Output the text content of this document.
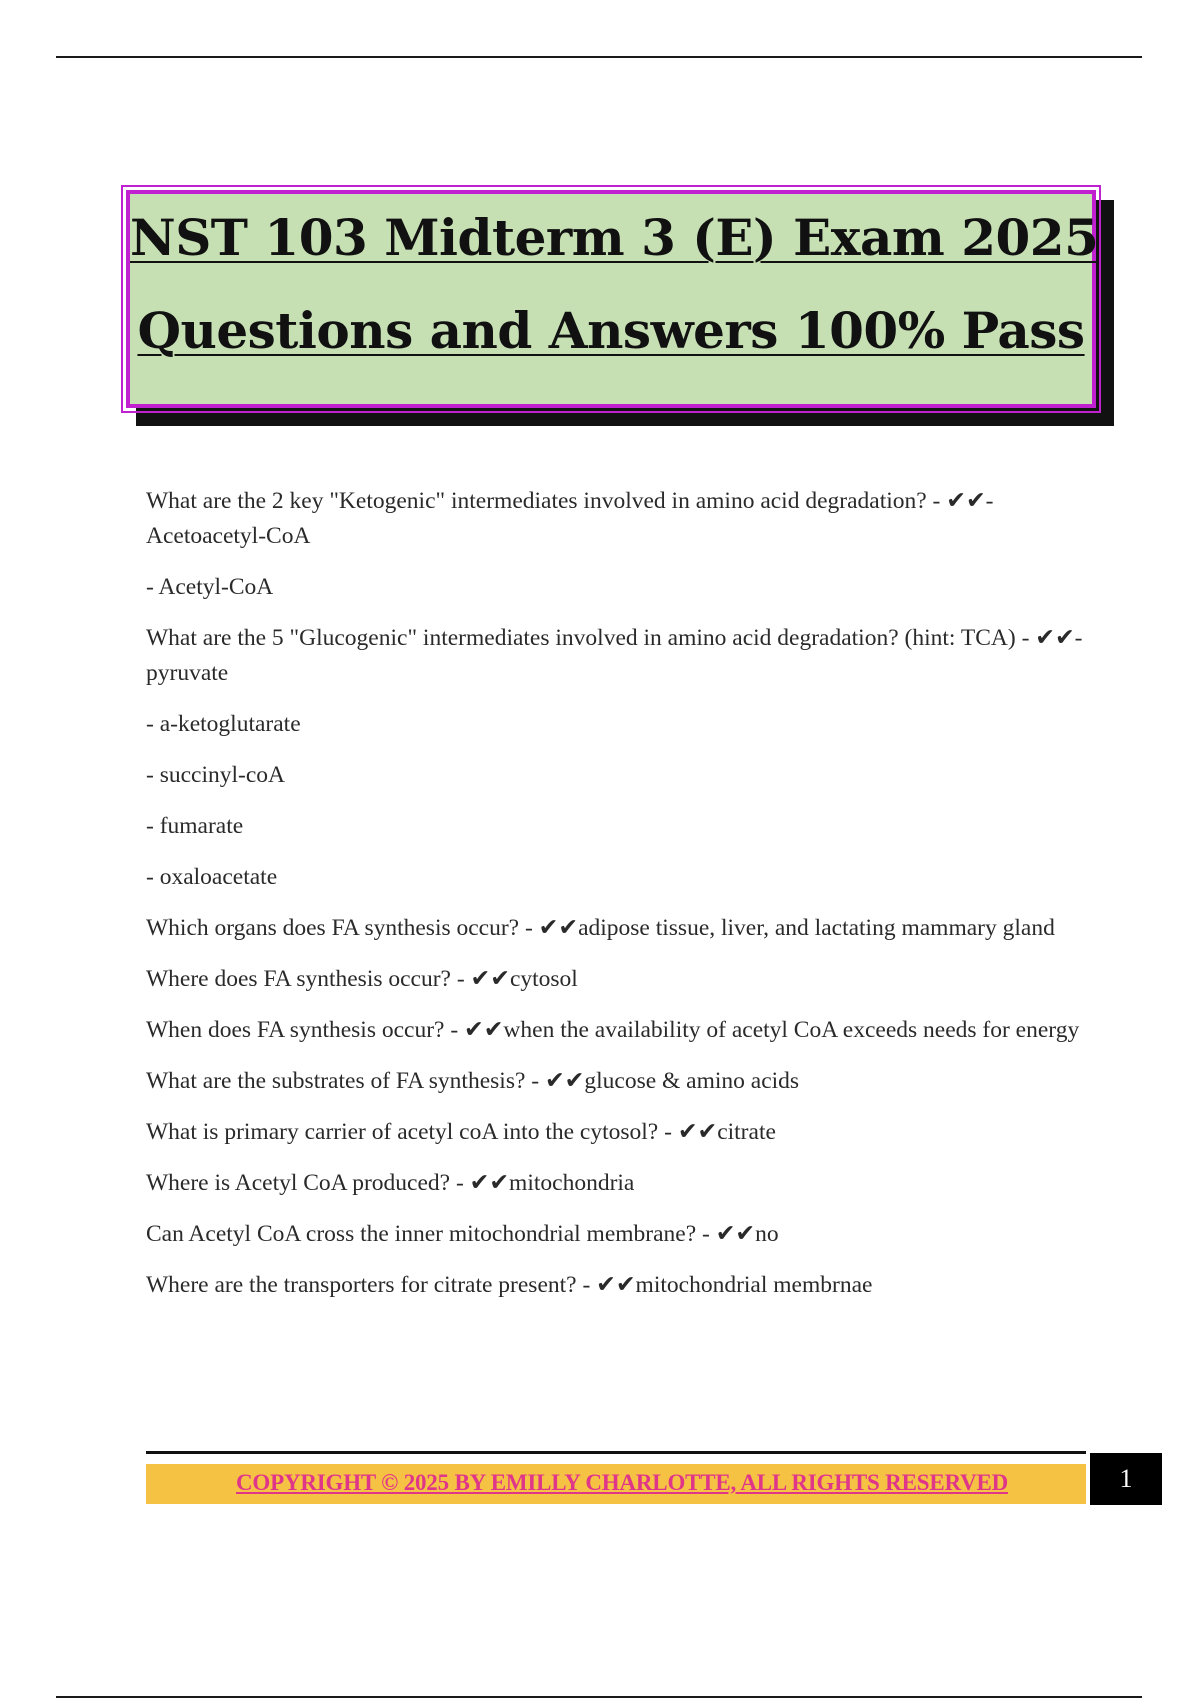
NST 103 Midterm 3 (E) Exam 2025
Questions and Answers 100% Pass

What are the 2 key "Ketogenic" intermediates involved in amino acid degradation? - ✔✔- Acetoacetyl-CoA

- Acetyl-CoA

What are the 5 "Glucogenic" intermediates involved in amino acid degradation? (hint: TCA) - ✔✔- pyruvate

- a-ketoglutarate

- succinyl-coA

- fumarate

- oxaloacetate

Which organs does FA synthesis occur? - ✔✔adipose tissue, liver, and lactating mammary gland

Where does FA synthesis occur? - ✔✔cytosol

When does FA synthesis occur? - ✔✔when the availability of acetyl CoA exceeds needs for energy

What are the substrates of FA synthesis? - ✔✔glucose & amino acids

What is primary carrier of acetyl coA into the cytosol? - ✔✔citrate

Where is Acetyl CoA produced? - ✔✔mitochondria

Can Acetyl CoA cross the inner mitochondrial membrane? - ✔✔no

Where are the transporters for citrate present? - ✔✔mitochondrial membrnae

COPYRIGHT © 2025 BY EMILLY CHARLOTTE, ALL RIGHTS RESERVED	1
